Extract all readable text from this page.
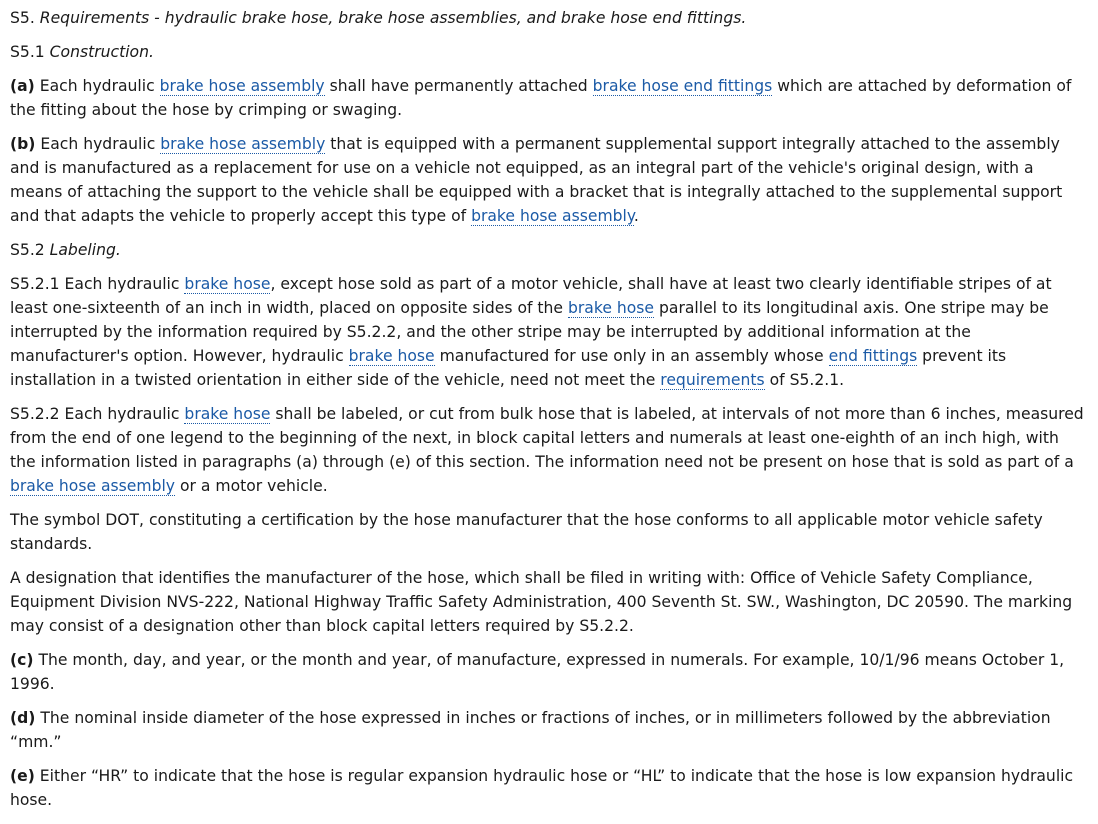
S5. Requirements - hydraulic brake hose, brake hose assemblies, and brake hose end fittings.

S5.1 Construction.

(a) Each hydraulic brake hose assembly shall have permanently attached brake hose end fittings which are attached by deformation of the fitting about the hose by crimping or swaging.

(b) Each hydraulic brake hose assembly that is equipped with a permanent supplemental support integrally attached to the assembly and is manufactured as a replacement for use on a vehicle not equipped, as an integral part of the vehicle's original design, with a means of attaching the support to the vehicle shall be equipped with a bracket that is integrally attached to the supplemental support and that adapts the vehicle to properly accept this type of brake hose assembly.

S5.2 Labeling.

S5.2.1 Each hydraulic brake hose, except hose sold as part of a motor vehicle, shall have at least two clearly identifiable stripes of at least one-sixteenth of an inch in width, placed on opposite sides of the brake hose parallel to its longitudinal axis. One stripe may be interrupted by the information required by S5.2.2, and the other stripe may be interrupted by additional information at the manufacturer's option. However, hydraulic brake hose manufactured for use only in an assembly whose end fittings prevent its installation in a twisted orientation in either side of the vehicle, need not meet the requirements of S5.2.1.

S5.2.2 Each hydraulic brake hose shall be labeled, or cut from bulk hose that is labeled, at intervals of not more than 6 inches, measured from the end of one legend to the beginning of the next, in block capital letters and numerals at least one-eighth of an inch high, with the information listed in paragraphs (a) through (e) of this section. The information need not be present on hose that is sold as part of a brake hose assembly or a motor vehicle.

The symbol DOT, constituting a certification by the hose manufacturer that the hose conforms to all applicable motor vehicle safety standards.

A designation that identifies the manufacturer of the hose, which shall be filed in writing with: Office of Vehicle Safety Compliance, Equipment Division NVS-222, National Highway Traffic Safety Administration, 400 Seventh St. SW., Washington, DC 20590. The marking may consist of a designation other than block capital letters required by S5.2.2.

(c) The month, day, and year, or the month and year, of manufacture, expressed in numerals. For example, 10/1/96 means October 1, 1996.

(d) The nominal inside diameter of the hose expressed in inches or fractions of inches, or in millimeters followed by the abbreviation “mm.”

(e) Either “HR” to indicate that the hose is regular expansion hydraulic hose or “HL” to indicate that the hose is low expansion hydraulic hose.
